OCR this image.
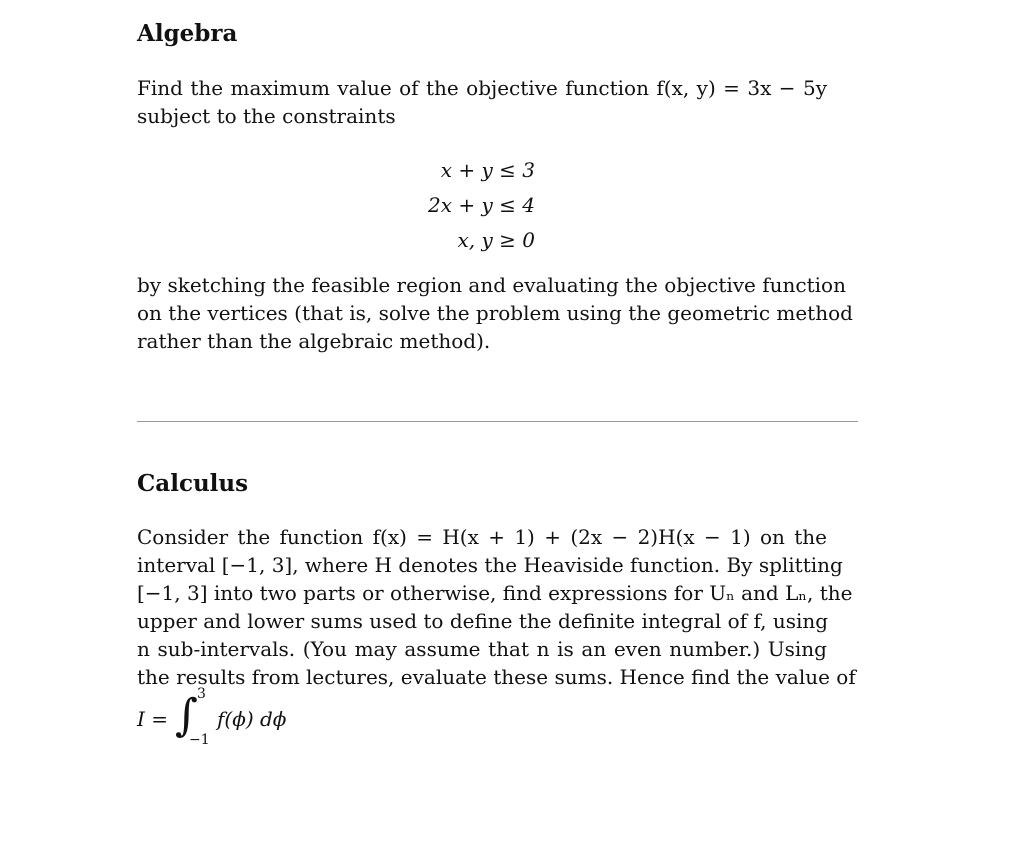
Algebra

Find the maximum value of the objective function f(x, y) = 3x − 5y
subject to the constraints

x + y ≤ 3
2x + y ≤ 4
x, y ≥ 0

by sketching the feasible region and evaluating the objective function
on the vertices (that is, solve the problem using the geometric method
rather than the algebraic method).

Calculus

Consider the function f(x) = H(x + 1) + (2x − 2)H(x − 1) on the
interval [−1, 3], where H denotes the Heaviside function. By splitting
[−1, 3] into two parts or otherwise, find expressions for Uₙ and Lₙ, the
upper and lower sums used to define the definite integral of f, using
n sub-intervals. (You may assume that n is an even number.) Using
the results from lectures, evaluate these sums. Hence find the value of

I = ∫ 3
−1
f(ϕ) dϕ
